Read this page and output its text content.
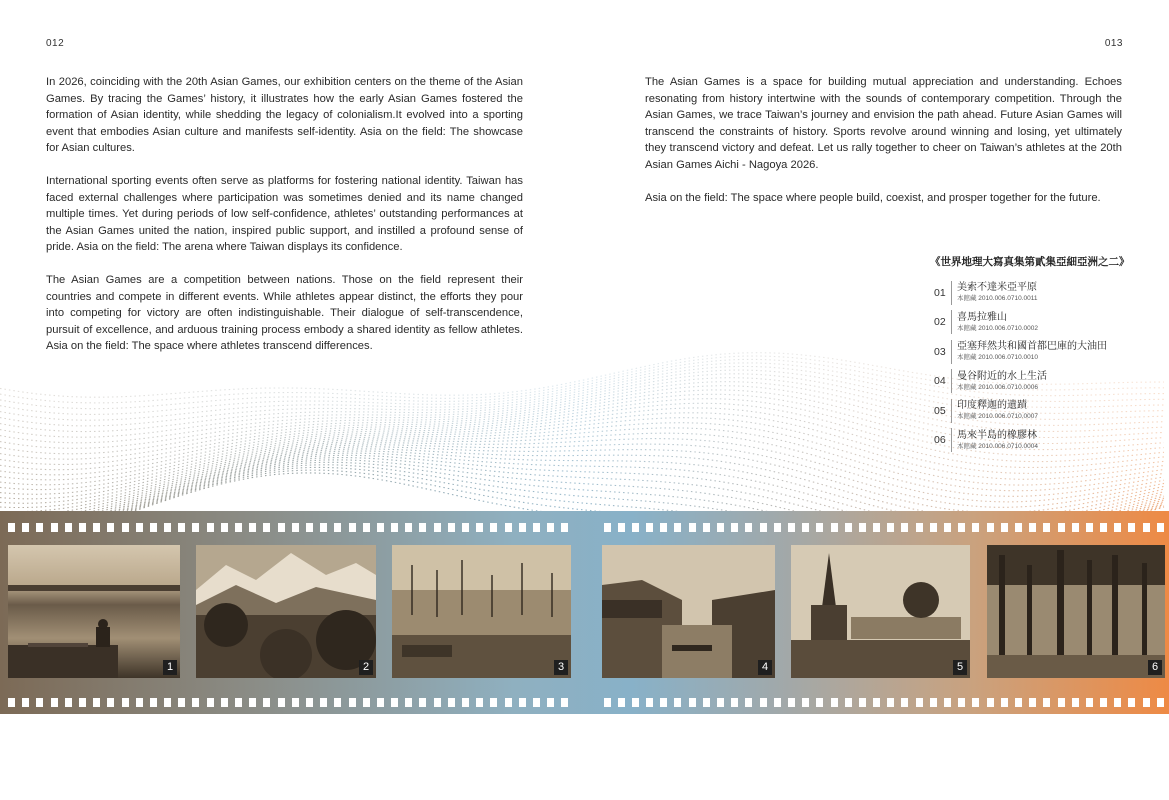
012	013

In 2026, coinciding with the 20th Asian Games, our exhibition centers on the theme of the Asian Games. By tracing the Games’ history, it illustrates how the early Asian Games fostered the formation of Asian identity, while shedding the legacy of colonialism.It evolved into a sporting event that embodies Asian culture and manifests self-identity. Asia on the field: The showcase for Asian cultures.

International sporting events often serve as platforms for fostering national identity. Taiwan has faced external challenges where participation was sometimes denied and its name changed multiple times. Yet during periods of low self-confidence, athletes’ outstanding performances at the Asian Games united the nation, inspired public support, and instilled a profound sense of pride. Asia on the field: The arena where Taiwan displays its confidence.

The Asian Games are a competition between nations. Those on the field represent their countries and compete in different events. While athletes appear distinct, the efforts they pour into competing for victory are often indistinguishable. Their dialogue of self-transcendence, pursuit of excellence, and arduous training process embody a shared identity as fellow athletes. Asia on the field: The space where athletes transcend differences.

The Asian Games is a space for building mutual appreciation and understanding. Echoes resonating from history intertwine with the sounds of contemporary competition. Through the Asian Games, we trace Taiwan’s journey and envision the path ahead. Future Asian Games will transcend the constraints of history. Sports revolve around winning and losing, yet ultimately they transcend victory and defeat. Let us rally together to cheer on Taiwan’s athletes at the 20th Asian Games Aichi - Nagoya 2026.

Asia on the field: The space where people build, coexist, and prosper together for the future.

《世界地理大寫真集第貳集亞細亞洲之二》
01	美索不達米亞平原
本館藏 2010.006.0710.0011
02	喜馬拉雅山
本館藏 2010.006.0710.0002
03	亞塞拜然共和國首都巴庫的大油田
本館藏 2010.006.0710.0010
04	曼谷附近的水上生活
本館藏 2010.006.0710.0006
05	印度釋迦的遺蹟
本館藏 2010.006.0710.0007
06	馬來半島的橡膠林
本館藏 2010.006.0710.0004
1	2	3	4	5	6
